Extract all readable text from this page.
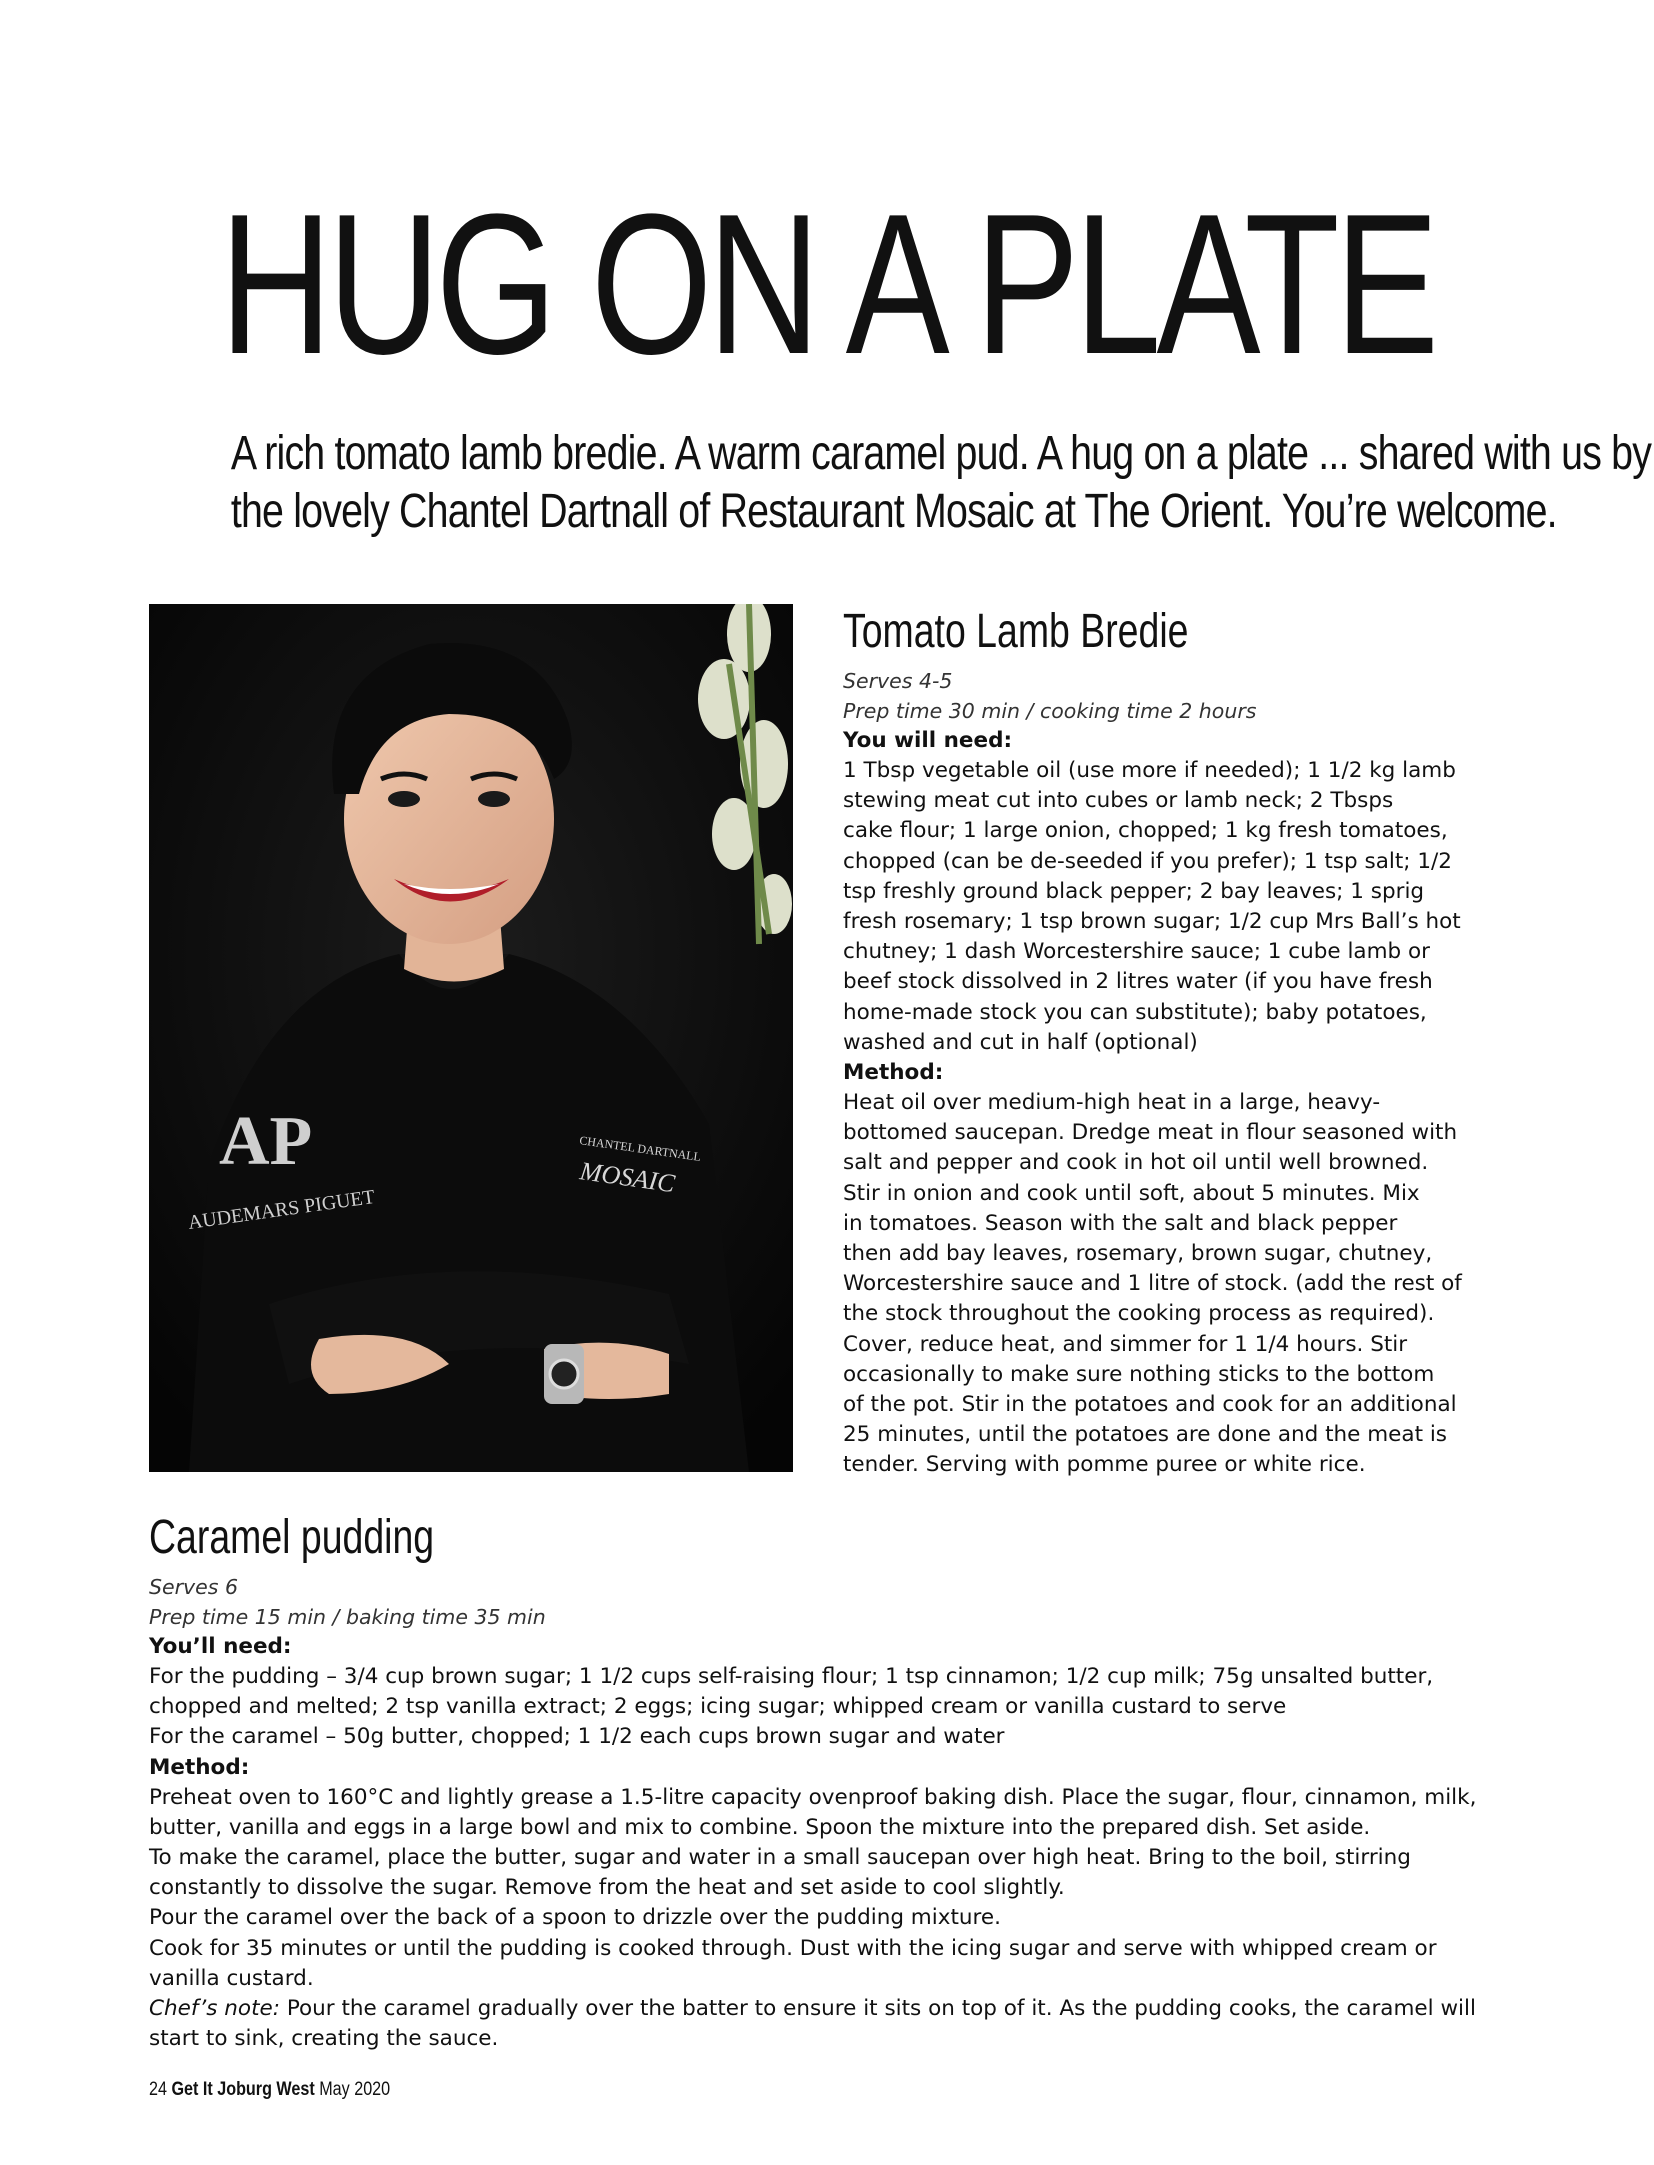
HUG ON A PLATE
A rich tomato lamb bredie. A warm caramel pud. A hug on a plate ... shared with us by
the lovely Chantel Dartnall of Restaurant Mosaic at The Orient. You’re welcome.
AP
AUDEMARS PIGUET
CHANTEL DARTNALL
MOSAIC
Tomato Lamb Bredie
Serves 4-5
Prep time 30 min / cooking time 2 hours
You will need:
1 Tbsp vegetable oil (use more if needed); 1 1/2 kg lamb
stewing meat cut into cubes or lamb neck; 2 Tbsps
cake flour; 1 large onion, chopped; 1 kg fresh tomatoes,
chopped (can be de-seeded if you prefer); 1 tsp salt; 1/2
tsp freshly ground black pepper; 2 bay leaves; 1 sprig
fresh rosemary; 1 tsp brown sugar; 1/2 cup Mrs Ball’s hot
chutney; 1 dash Worcestershire sauce; 1 cube lamb or
beef stock dissolved in 2 litres water (if you have fresh
home-made stock you can substitute); baby potatoes,
washed and cut in half (optional)
Method:
Heat oil over medium-high heat in a large, heavy-
bottomed saucepan. Dredge meat in flour seasoned with
salt and pepper and cook in hot oil until well browned.
Stir in onion and cook until soft, about 5 minutes. Mix
in tomatoes. Season with the salt and black pepper
then add bay leaves, rosemary, brown sugar, chutney,
Worcestershire sauce and 1 litre of stock. (add the rest of
the stock throughout the cooking process as required).
Cover, reduce heat, and simmer for 1 1/4 hours. Stir
occasionally to make sure nothing sticks to the bottom
of the pot. Stir in the potatoes and cook for an additional
25 minutes, until the potatoes are done and the meat is
tender. Serving with pomme puree or white rice.
Caramel pudding
Serves 6
Prep time 15 min / baking time 35 min
You’ll need:
For the pudding – 3/4 cup brown sugar; 1 1/2 cups self-raising flour; 1 tsp cinnamon; 1/2 cup milk; 75g unsalted butter,
chopped and melted; 2 tsp vanilla extract; 2 eggs; icing sugar; whipped cream or vanilla custard to serve
For the caramel – 50g butter, chopped; 1 1/2 each cups brown sugar and water
Method:
Preheat oven to 160°C and lightly grease a 1.5-litre capacity ovenproof baking dish. Place the sugar, flour, cinnamon, milk,
butter, vanilla and eggs in a large bowl and mix to combine. Spoon the mixture into the prepared dish. Set aside.
To make the caramel, place the butter, sugar and water in a small saucepan over high heat. Bring to the boil, stirring
constantly to dissolve the sugar. Remove from the heat and set aside to cool slightly.
Pour the caramel over the back of a spoon to drizzle over the pudding mixture.
Cook for 35 minutes or until the pudding is cooked through. Dust with the icing sugar and serve with whipped cream or
vanilla custard.
Chef’s note: Pour the caramel gradually over the batter to ensure it sits on top of it. As the pudding cooks, the caramel will
start to sink, creating the sauce.
24 Get It Joburg West May 2020
